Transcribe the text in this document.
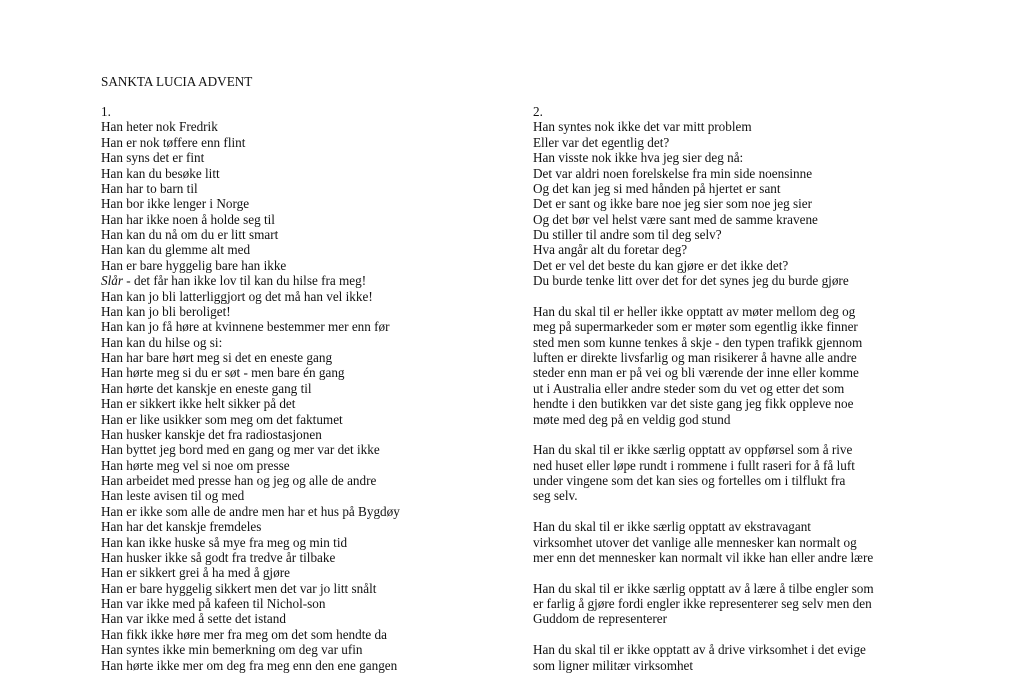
SANKTA LUCIA ADVENT
1.
Han heter nok Fredrik
Han er nok tøffere enn flint
Han syns det er fint
Han kan du besøke litt
Han har to barn til
Han bor ikke lenger i Norge
Han har ikke noen å holde seg til
Han kan du nå om du er litt smart
Han kan du glemme alt med
Han er bare hyggelig bare han ikke
Slår - det får han ikke lov til kan du hilse fra meg!
Han kan jo bli latterliggjort og det må han vel ikke!
Han kan jo bli beroliget!
Han kan jo få høre at kvinnene bestemmer mer enn før
Han kan du hilse og si:
Han har bare hørt meg si det en eneste gang
Han hørte meg si du er søt - men bare én gang
Han hørte det kanskje en eneste gang til
Han er sikkert ikke helt sikker på det
Han er like usikker som meg om det faktumet
Han husker kanskje det fra radiostasjonen
Han byttet jeg bord med en gang og mer var det ikke
Han hørte meg vel si noe om presse
Han arbeidet med presse han og jeg og alle de andre
Han leste avisen til og med
Han er ikke som alle de andre men har et hus på Bygdøy
Han har det kanskje fremdeles
Han kan ikke huske så mye fra meg og min tid
Han husker ikke så godt fra tredve år tilbake
Han er sikkert grei å ha med å gjøre
Han er bare hyggelig sikkert men det var jo litt snålt
Han var ikke med på kafeen til Nichol-son
Han var ikke med å sette det istand
Han fikk ikke høre mer fra meg om det som hendte da
Han syntes ikke min bemerkning om deg var ufin
Han hørte ikke mer om deg fra meg enn den ene gangen
2.
Han syntes nok ikke det var mitt problem
Eller var det egentlig det?
Han visste nok ikke hva jeg sier deg nå:
Det var aldri noen forelskelse fra min side noensinne
Og det kan jeg si med hånden på hjertet er sant
Det er sant og ikke bare noe jeg sier som noe jeg sier
Og det bør vel helst være sant med de samme kravene
Du stiller til andre som til deg selv?
Hva angår alt du foretar deg?
Det er vel det beste du kan gjøre er det ikke det?
Du burde tenke litt over det for det synes jeg du burde gjøre
Han du skal til er heller ikke opptatt av møter mellom deg og
meg på supermarkeder som er møter som egentlig ikke finner
sted men som kunne tenkes å skje - den typen trafikk gjennom
luften er direkte livsfarlig og man risikerer å havne alle andre
steder enn man er på vei og bli værende der inne eller komme
ut i Australia eller andre steder som du vet og etter det som
hendte i den butikken var det siste gang jeg fikk oppleve noe
møte med deg på en veldig god stund
Han du skal til er ikke særlig opptatt av oppførsel som å rive
ned huset eller løpe rundt i rommene i fullt raseri for å få luft
under vingene som det kan sies og fortelles om i tilflukt fra
seg selv.
Han du skal til er ikke særlig opptatt av ekstravagant
virksomhet utover det vanlige alle mennesker kan normalt og
mer enn det mennesker kan normalt vil ikke han eller andre lære
Han du skal til er ikke særlig opptatt av å lære å tilbe engler som
er farlig å gjøre fordi engler ikke representerer seg selv men den
Guddom de representerer
Han du skal til er ikke opptatt av å drive virksomhet i det evige
som ligner militær virksomhet
